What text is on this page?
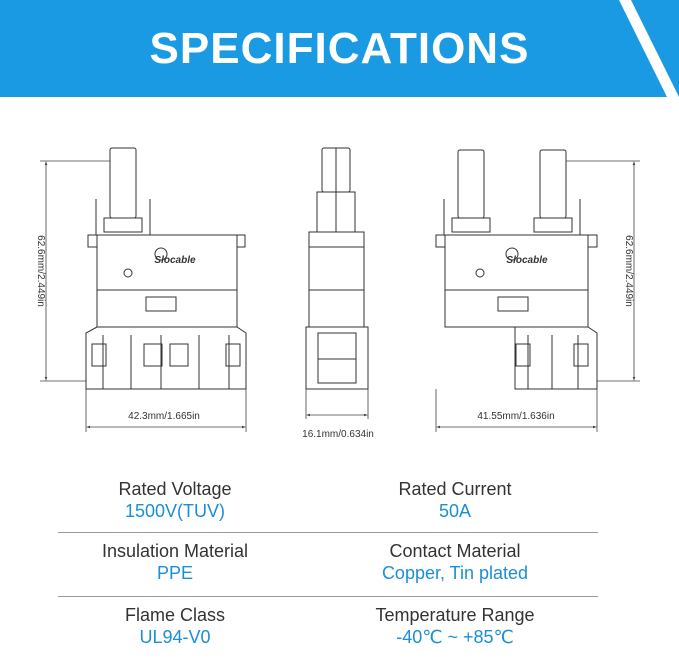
SPECIFICATIONS
Slocable
62.6mm/2.449in
42.3mm/1.665in
16.1mm/0.634in
Slocable	62.6mm/2.449in
41.55mm/1.636in
Rated Voltage
1500V(TUV)
Rated Current
50A
Insulation Material
PPE
Contact Material
Copper, Tin plated
Flame Class
UL94-V0
Temperature Range
-40℃ ~ +85℃
